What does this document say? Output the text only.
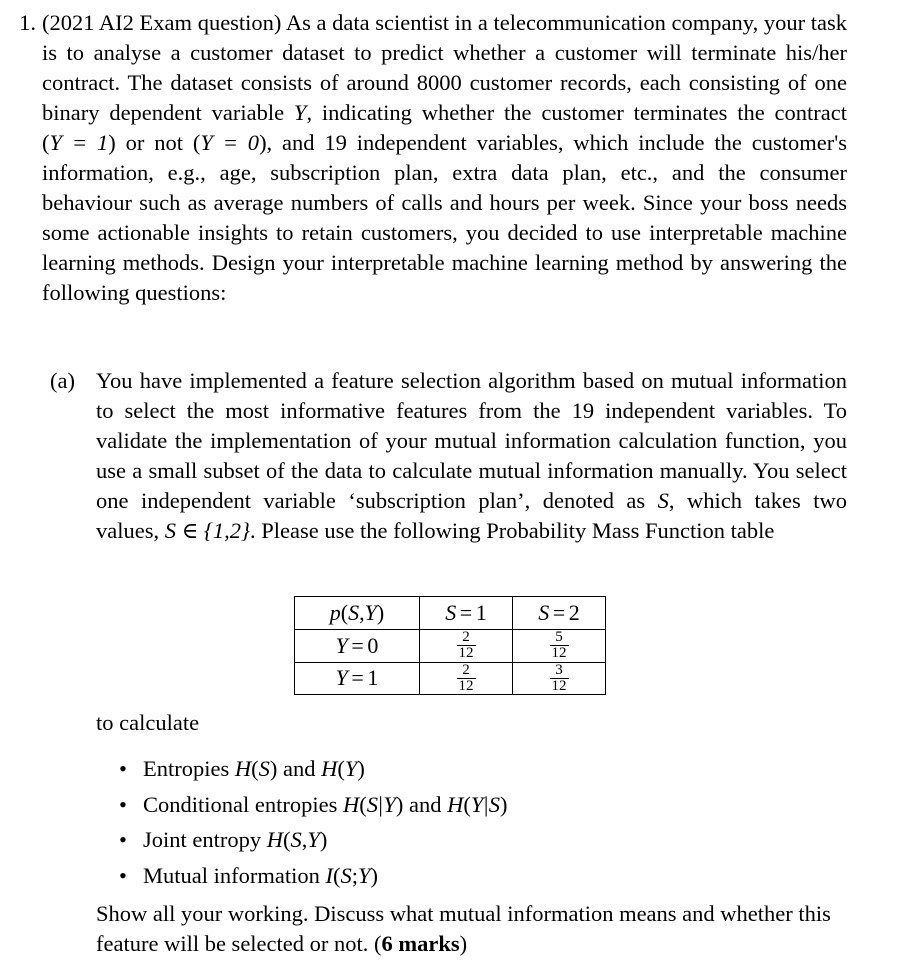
1. (2021 AI2 Exam question) As a data scientist in a telecommunication company, your task is to analyse a customer dataset to predict whether a customer will terminate his/her contract. The dataset consists of around 8000 customer records, each consisting of one binary dependent variable Y, indicating whether the customer terminates the contract (Y = 1) or not (Y = 0), and 19 independent variables, which include the customer's information, e.g., age, subscription plan, extra data plan, etc., and the consumer behaviour such as average numbers of calls and hours per week. Since your boss needs some actionable insights to retain customers, you decided to use interpretable machine learning methods. Design your interpretable machine learning method by answering the following questions:
(a) You have implemented a feature selection algorithm based on mutual information to select the most informative features from the 19 independent variables. To validate the implementation of your mutual information calculation function, you use a small subset of the data to calculate mutual information manually. You select one independent variable ‘subscription plan’, denoted as S, which takes two values, S ∈ {1,2}. Please use the following Probability Mass Function table
p(S,Y)	S = 1	S = 2
Y = 0	$\frac{2}{12}$	$\frac{5}{12}$

Y = 1	$\frac{2}{12}$	$\frac{3}{12}$
to calculate
• Entropies H(S) and H(Y)
• Conditional entropies H(S|Y) and H(Y|S)
• Joint entropy H(S,Y)
• Mutual information I(S;Y)
Show all your working. Discuss what mutual information means and whether this feature will be selected or not. (6 marks)
